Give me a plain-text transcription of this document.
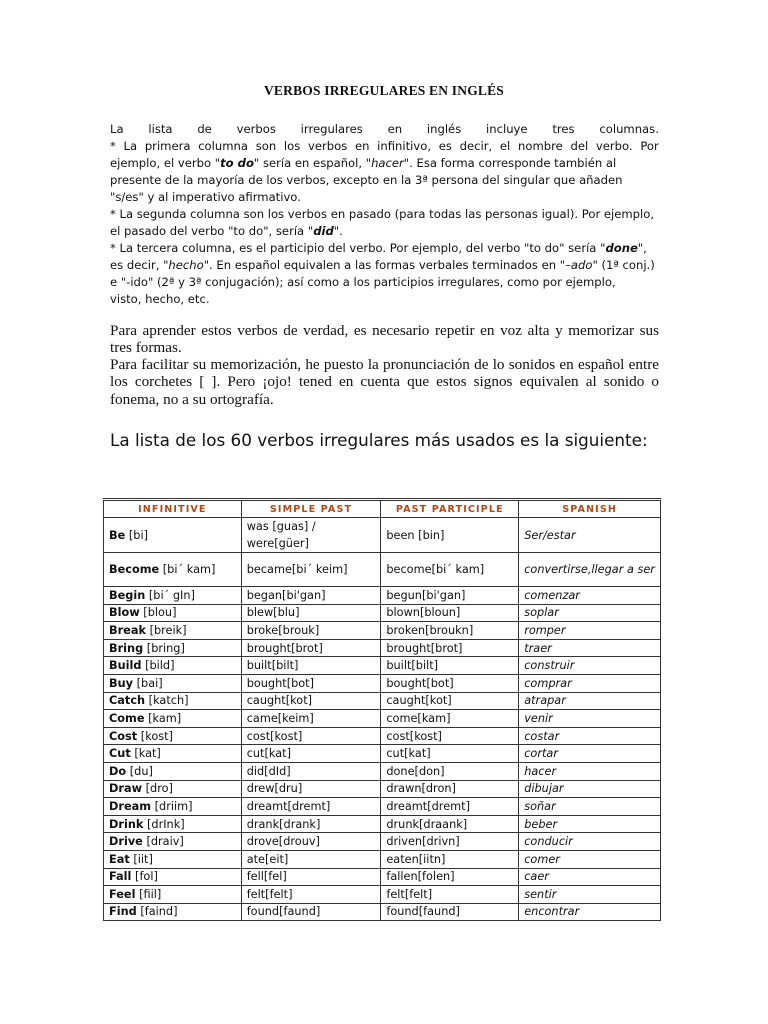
VERBOS IRREGULARES EN INGLÉS
La lista de verbos irregulares en inglés incluye tres columnas.
* La primera columna son los verbos en infinitivo, es decir, el nombre del verbo. Por
ejemplo, el verbo " to do " sería en español, " hacer ". Esa forma corresponde también al
presente de la mayoría de los verbos, excepto en la 3ª persona del singular que añaden
"s/es" y al imperativo afirmativo.
* La segunda columna son los verbos en pasado (para todas las personas igual). Por ejemplo,
el pasado del verbo "to do", sería " did ".
* La tercera columna, es el participio del verbo. Por ejemplo, del verbo "to do" sería " done ",
es decir, " hecho ". En español equivalen a las formas verbales terminados en " –ado " (1ª conj.)
e "-ido" (2ª y 3ª conjugación); así como a los participios irregulares, como por ejemplo,
visto, hecho, etc.
Para aprender estos verbos de verdad, es necesario repetir en voz alta y memorizar sus tres formas.
Para facilitar su memorización, he puesto la pronunciación de lo sonidos en español entre los corchetes [ ]. Pero ¡ojo! tened en cuenta que estos signos equivalen al sonido o fonema, no a su ortografía.
La lista de los 60 verbos irregulares más usados es la siguiente:
INFINITIVE	SIMPLE PAST	PAST PARTICIPLE	SPANISH
Be [bi]	was [guas] / were[güer]	been [bin]	Ser/estar
Become [bi´ kam]	became[bi´ keim]	become[bi´ kam]	convertirse,llegar a ser
Begin [bi´ gIn]	began[bi'gan]	begun[bi'gan]	comenzar
Blow [blou]	blew[blu]	blown[bloun]	soplar
Break [breik]	broke[brouk]	broken[broukn]	romper
Bring [bring]	brought[brot]	brought[brot]	traer
Build [bild]	built[bilt]	built[bilt]	construir
Buy [bai]	bought[bot]	bought[bot]	comprar
Catch [katch]	caught[kot]	caught[kot]	atrapar
Come [kam]	came[keim]	come[kam]	venir
Cost [kost]	cost[kost]	cost[kost]	costar
Cut [kat]	cut[kat]	cut[kat]	cortar
Do [du]	did[dId]	done[don]	hacer
Draw [dro]	drew[dru]	drawn[dron]	dibujar
Dream [driim]	dreamt[dremt]	dreamt[dremt]	soñar
Drink [drInk]	drank[drank]	drunk[draank]	beber
Drive [draiv]	drove[drouv]	driven[drivn]	conducir
Eat [iit]	ate[eit]	eaten[iitn]	comer
Fall [fol]	fell[fel]	fallen[folen]	caer
Feel [fiil]	felt[felt]	felt[felt]	sentir
Find [faind]	found[faund]	found[faund]	encontrar
